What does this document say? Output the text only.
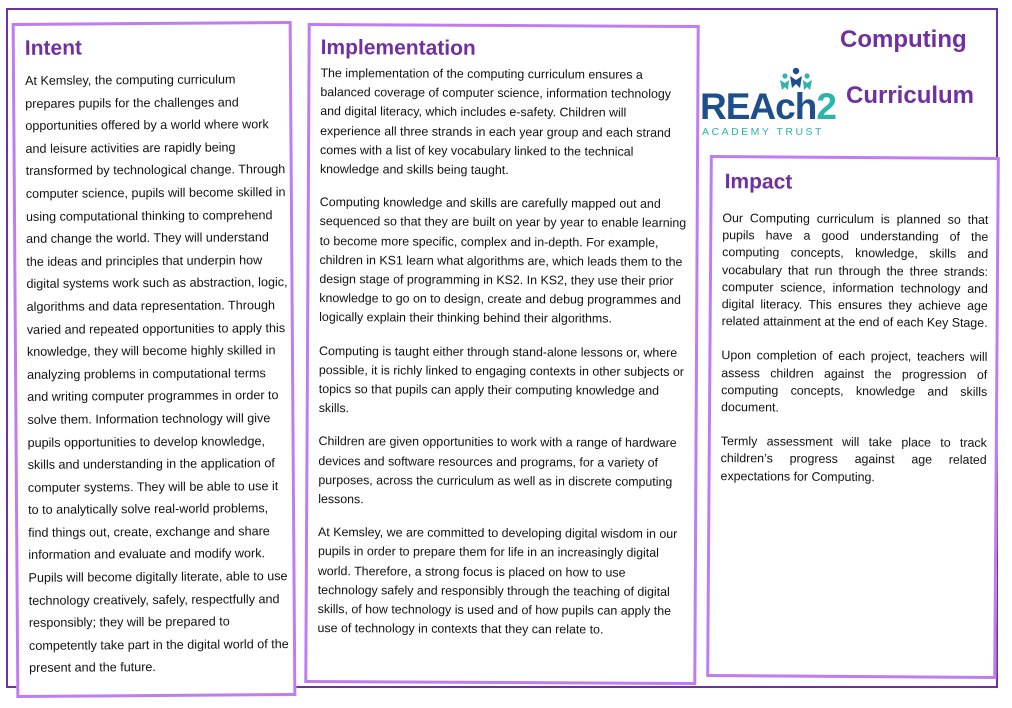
Intent

At Kemsley, the computing curriculum prepares pupils for the challenges and opportunities offered by a world where work and leisure activities are rapidly being transformed by technological change. Through computer science, pupils will become skilled in using computational thinking to comprehend and change the world. They will understand the ideas and principles that underpin how digital systems work such as abstraction, logic, algorithms and data representation. Through varied and repeated opportunities to apply this knowledge, they will become highly skilled in analyzing problems in computational terms and writing computer programmes in order to solve them. Information technology will give pupils opportunities to develop knowledge, skills and understanding in the application of computer systems. They will be able to use it to to analytically solve real-world problems, find things out, create, exchange and share information and evaluate and modify work. Pupils will become digitally literate, able to use technology creatively, safely, respectfully and responsibly; they will be prepared to competently take part in the digital world of the present and the future.

Implementation

The implementation of the computing curriculum ensures a balanced coverage of computer science, information technology and digital literacy, which includes e-safety. Children will experience all three strands in each year group and each strand comes with a list of key vocabulary linked to the technical knowledge and skills being taught.

Computing knowledge and skills are carefully mapped out and sequenced so that they are built on year by year to enable learning to become more specific, complex and in-depth. For example, children in KS1 learn what algorithms are, which leads them to the design stage of programming in KS2. In KS2, they use their prior knowledge to go on to design, create and debug programmes and logically explain their thinking behind their algorithms.

Computing is taught either through stand-alone lessons or, where possible, it is richly linked to engaging contexts in other subjects or topics so that pupils can apply their computing knowledge and skills.

Children are given opportunities to work with a range of hardware devices and software resources and programs, for a variety of purposes, across the curriculum as well as in discrete computing lessons.

At Kemsley, we are committed to developing digital wisdom in our pupils in order to prepare them for life in an increasingly digital world. Therefore, a strong focus is placed on how to use technology safely and responsibly through the teaching of digital skills, of how technology is used and of how pupils can apply the use of technology in contexts that they can relate to.

Computing
Curriculum
REAch2
ACADEMY TRUST
Impact

Our Computing curriculum is planned so that pupils have a good understanding of the computing concepts, knowledge, skills and vocabulary that run through the three strands: computer science, information technology and digital literacy. This ensures they achieve age related attainment at the end of each Key Stage.

Upon completion of each project, teachers will assess children against the progression of computing concepts, knowledge and skills document.

Termly assessment will take place to track children’s progress against age related expectations for Computing.
